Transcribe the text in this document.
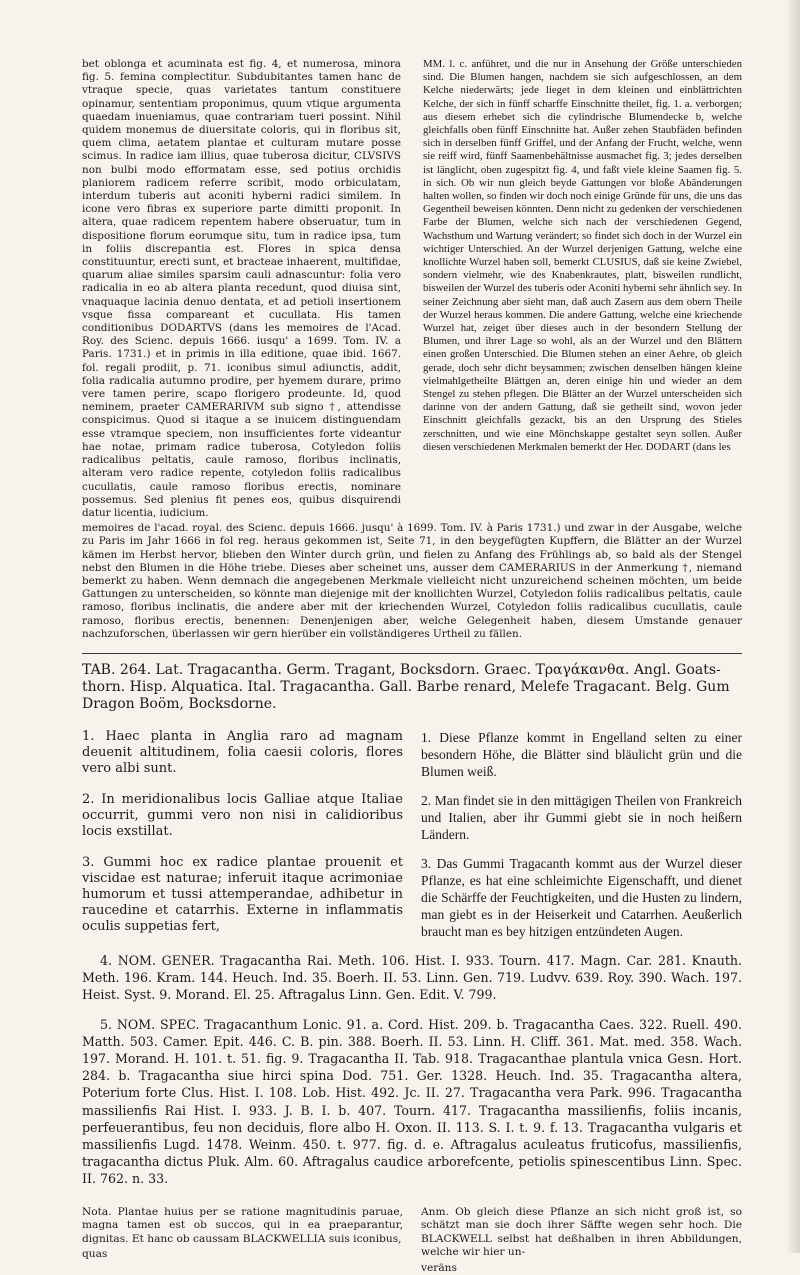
bet oblonga et acuminata est fig. 4, et numerosa, minora fig. 5. femina complectitur. Subdubitantes tamen hanc de vtraque specie, quas varietates tantum constituere opinamur, sententiam proponimus, quum vtique argumenta quaedam inueniamus, quae contrariam tueri possint. Nihil quidem monemus de diuersitate coloris, qui in floribus sit, quem clima, aetatem plantae et culturam mutare posse scimus. In radice iam illius, quae tuberosa dicitur, CLVSIVS non bulbi modo efformatam esse, sed potius orchidis planiorem radicem referre scribit, modo orbiculatam, interdum tuberis aut aconiti hyberni radici similem. In icone vero fibras ex superiore parte dimitti proponit. In altera, quae radicem repentem habere obseruatur, tum in dispositione florum eorumque situ, tum in radice ipsa, tum in foliis discrepantia est. Flores in spica densa constituuntur, erecti sunt, et bracteae inhaerent, multifidae, quarum aliae similes sparsim cauli adnascuntur: folia vero radicalia in eo ab altera planta recedunt, quod diuisa sint, vnaquaque lacinia denuo dentata, et ad petioli insertionem vsque fissa compareant et cucullata. His tamen conditionibus DODARTVS (dans les memoires de l'Acad. Roy. des Scienc. depuis 1666. iusqu' a 1699. Tom. IV. a Paris. 1731.) et in primis in illa editione, quae ibid. 1667. fol. regali prodiit, p. 71. iconibus simul adiunctis, addit, folia radicalia autumno prodire, per hyemem durare, primo vere tamen perire, scapo florigero prodeunte. Id, quod neminem, praeter CAMERARIVM sub signo †, attendisse conspicimus. Quod si itaque a se inuicem distinguendam esse vtramque speciem, non insufficientes forte videantur hae notae, primam radice tuberosa, Cotyledon foliis radicalibus peltatis, caule ramoso, floribus inclinatis, alteram vero radice repente, cotyledon foliis radicalibus cucullatis, caule ramoso floribus erectis, nominare possemus. Sed plenius fit penes eos, quibus disquirendi datur licentia, iudicium.
MM. l. c. anführet, und die nur in Ansehung der Größe unterschieden sind. Die Blumen hangen, nachdem sie sich aufgeschlossen, an dem Kelche niederwärts; jede lieget in dem kleinen und einblättrichten Kelche, der sich in fünff scharffe Einschnitte theilet, fig. 1. a. verborgen; aus diesem erhebet sich die cylindrische Blumendecke b, welche gleichfalls oben fünff Einschnitte hat. Außer zehen Staubfäden befinden sich in derselben fünff Griffel, und der Anfang der Frucht, welche, wenn sie reiff wird, fünff Saamenbehältnisse ausmachet fig. 3; jedes derselben ist länglicht, oben zugespitzt fig. 4, und faßt viele kleine Saamen fig. 5. in sich. Ob wir nun gleich beyde Gattungen vor bloße Abänderungen halten wollen, so finden wir doch noch einige Gründe für uns, die uns das Gegentheil beweisen könnten. Denn nicht zu gedenken der verschiedenen Farbe der Blumen, welche sich nach der verschiedenen Gegend, Wachsthum und Wartung verändert; so findet sich doch in der Wurzel ein wichtiger Unterschied. An der Wurzel derjenigen Gattung, welche eine knollichte Wurzel haben soll, bemerkt CLUSIUS, daß sie keine Zwiebel, sondern vielmehr, wie des Knabenkrautes, platt, bisweilen rundlicht, bisweilen der Wurzel des tuberis oder Aconiti hyberni sehr ähnlich sey. In seiner Zeichnung aber sieht man, daß auch Zasern aus dem obern Theile der Wurzel heraus kommen. Die andere Gattung, welche eine kriechende Wurzel hat, zeiget über dieses auch in der besondern Stellung der Blumen, und ihrer Lage so wohl, als an der Wurzel und den Blättern einen großen Unterschied. Die Blumen stehen an einer Aehre, ob gleich gerade, doch sehr dicht beysammen; zwischen denselben hängen kleine vielmahlgetheilte Blättgen an, deren einige hin und wieder an dem Stengel zu stehen pflegen. Die Blätter an der Wurzel unterscheiden sich darinne von der andern Gattung, daß sie getheilt sind, wovon jeder Einschnitt gleichfalls gezackt, bis an den Ursprung des Stieles zerschnitten, und wie eine Mönchskappe gestaltet seyn sollen. Außer diesen verschiedenen Merkmalen bemerkt der Her. DODART (dans les
memoires de l'acad. royal. des Scienc. depuis 1666. jusqu' à 1699. Tom. IV. à Paris 1731.) und zwar in der Ausgabe, welche zu Paris im Jahr 1666 in fol reg. heraus gekommen ist, Seite 71, in den beygefügten Kupffern, die Blätter an der Wurzel kämen im Herbst hervor, blieben den Winter durch grün, und fielen zu Anfang des Frühlings ab, so bald als der Stengel nebst den Blumen in die Höhe triebe. Dieses aber scheinet uns, ausser dem CAMERARIUS in der Anmerkung †, niemand bemerkt zu haben. Wenn demnach die angegebenen Merkmale vielleicht nicht unzureichend scheinen möchten, um beide Gattungen zu unterscheiden, so könnte man diejenige mit der knollichten Wurzel, Cotyledon foliis radicalibus peltatis, caule ramoso, floribus inclinatis, die andere aber mit der kriechenden Wurzel, Cotyledon foliis radicalibus cucullatis, caule ramoso, floribus erectis, benennen: Denenjenigen aber, welche Gelegenheit haben, diesem Umstande genauer nachzuforschen, überlassen wir gern hierüber ein vollständigeres Urtheil zu fällen.
TAB. 264. Lat. Tragacantha. Germ. Tragant, Bocksdorn. Graec. Τραγάκανθα. Angl. Goats-thorn. Hisp. Alquatica. Ital. Tragacantha. Gall. Barbe renard, Melefe Tragacant. Belg. Gum Dragon Boöm, Bocksdorne.
1. Haec planta in Anglia raro ad magnam deuenit altitudinem, folia caesii coloris, flores vero albi sunt.
1. Diese Pflanze kommt in Engelland selten zu einer besondern Höhe, die Blätter sind bläulicht grün und die Blumen weiß.
2. In meridionalibus locis Galliae atque Italiae occurrit, gummi vero non nisi in calidioribus locis exstillat.
2. Man findet sie in den mittägigen Theilen von Frankreich und Italien, aber ihr Gummi giebt sie in noch heißern Ländern.
3. Gummi hoc ex radice plantae prouenit et viscidae est naturae; inferuit itaque acrimoniae humorum et tussi attemperandae, adhibetur in raucedine et catarrhis. Externe in inflammatis oculis suppetias fert,
3. Das Gummi Tragacanth kommt aus der Wurzel dieser Pflanze, es hat eine schleimichte Eigenschafft, und dienet die Schärffe der Feuchtigkeiten, und die Husten zu lindern, man giebt es in der Heiserkeit und Catarrhen. Aeußerlich braucht man es bey hitzigen entzündeten Augen.

4. NOM. GENER. Tragacantha Rai. Meth. 106. Hist. I. 933. Tourn. 417. Magn. Car. 281. Knauth. Meth. 196. Kram. 144. Heuch. Ind. 35. Boerh. II. 53. Linn. Gen. 719. Ludvv. 639. Roy. 390. Wach. 197. Heist. Syst. 9. Morand. El. 25. Aftragalus Linn. Gen. Edit. V. 799.

5. NOM. SPEC. Tragacanthum Lonic. 91. a. Cord. Hist. 209. b. Tragacantha Caes. 322. Ruell. 490. Matth. 503. Camer. Epit. 446. C. B. pin. 388. Boerh. II. 53. Linn. H. Cliff. 361. Mat. med. 358. Wach. 197. Morand. H. 101. t. 51. fig. 9. Tragacantha II. Tab. 918. Tragacanthae plantula vnica Gesn. Hort. 284. b. Tragacantha siue hirci spina Dod. 751. Ger. 1328. Heuch. Ind. 35. Tragacantha altera, Poterium forte Clus. Hist. I. 108. Lob. Hist. 492. Jc. II. 27. Tragacantha vera Park. 996. Tragacantha massilienfis Rai Hist. I. 933. J. B. I. b. 407. Tourn. 417. Tragacantha massilienfis, foliis incanis, perfeuerantibus, feu non deciduis, flore albo H. Oxon. II. 113. S. I. t. 9. f. 13. Tragacantha vulgaris et massilienfis Lugd. 1478. Weinm. 450. t. 977. fig. d. e. Aftragalus aculeatus fruticofus, massilienfis, tragacantha dictus Pluk. Alm. 60. Aftragalus caudice arborefcente, petiolis spinescentibus Linn. Spec. II. 762. n. 33.

Nota. Plantae huius per se ratione magnitudinis paruae, magna tamen est ob succos, qui in ea praeparantur, dignitas. Et hanc ob caussam BLACKWELLIA suis iconibus,
quas
Anm. Ob gleich diese Pflanze an sich nicht groß ist, so schätzt man sie doch ihrer Säffte wegen sehr hoch. Die BLACKWELL selbst hat deßhalben in ihren Abbildungen, welche wir hier un-
veräns
